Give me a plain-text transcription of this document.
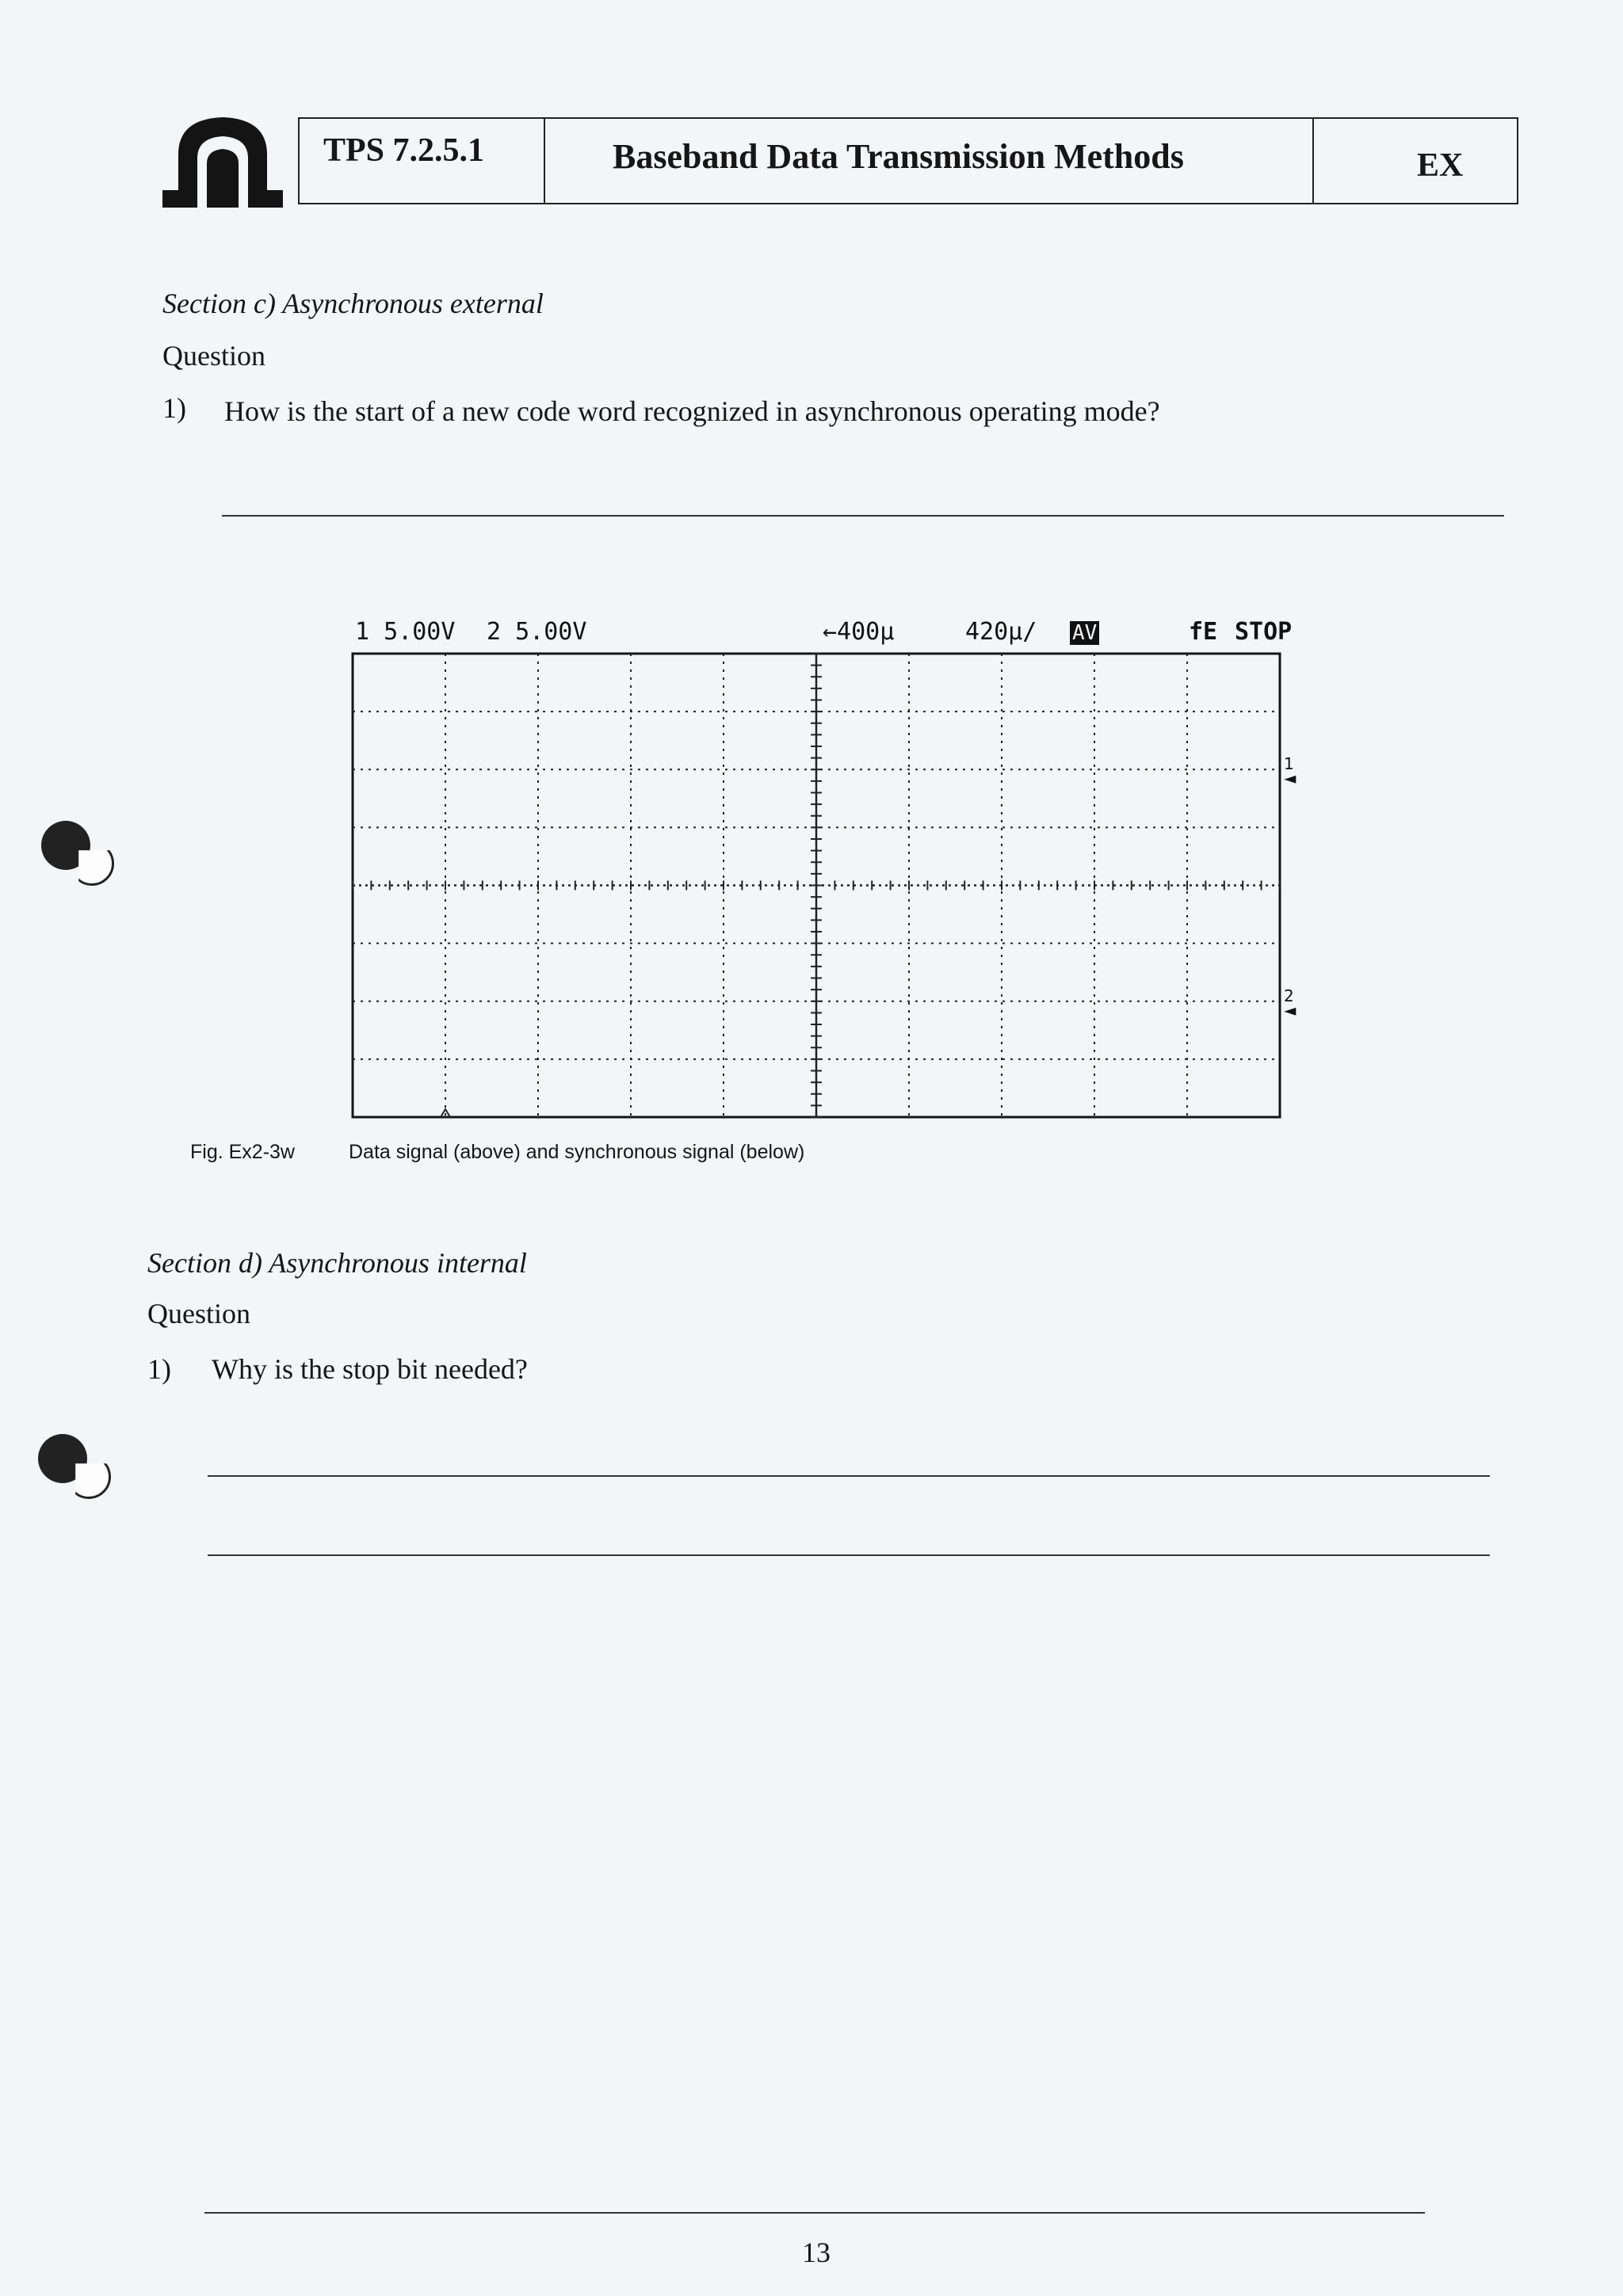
TPS 7.2.5.1	Baseband Data Transmission Methods	EX
Section c) Asynchronous external
Question
1) How is the start of a new code word recognized in asynchronous operating mode?
1 5.00V 2 5.00V	←400µ	420µ/ AV	fE STOP
1
◄
2
◄
Fig. Ex2-3w	Data signal (above) and synchronous signal (below)
Section d) Asynchronous internal
Question
1) Why is the stop bit needed?
13
